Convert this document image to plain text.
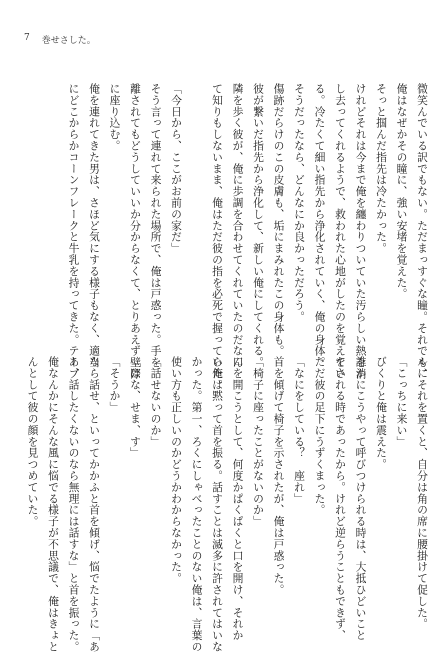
7 巻せさした。
微笑んでいる訳でもない。ただまっすぐな瞳。それでも、
俺はなぜかその瞳に、強い安堵を覚えた。
そっと掴んだ指先は冷たかった。
けれどそれは今まで俺を纏わりついていた汚らしい熱を消
し去ってくれるようで、救われた心地がしたのを覚えてい
る。冷たくて細い指先から浄化されていく、俺の身体。
そうだったなら、どんなにか良かっただろう。
傷跡だらけのこの皮膚も、垢にまみれたこの身体も。
彼が繋いだ指先から浄化して、新しい俺にしてくれる。
隣を歩く彼が、俺に歩調を合わせてくれていたのだなん
て知りもしないまま、俺はただ彼の指を必死で握っていた。

「今日から、ここがお前の家だ」
そう言って連れて来られた場所で、俺は戸惑った。手を
離されてもどうしていいか分からなくて、とりあえず壁際
に座り込む。
俺を連れてきた男は、さほど気にする様子もなく、適当
にどこからかコーンフレークと牛乳を持ってきた。テーブ
ルにそれを置くと、自分は角の席に腰掛けて促した。
「こっちに来い」
びくりと俺は震えた。
誰かにこうやって呼びつけられる時は、大抵ひどいこと
をされる時であったから。けれど逆らうこともできず、
ただ彼の足下にうずくまった。
「なにをしている？　座れ」
首を傾げて椅子を示されたが、俺は戸惑った。
「椅子に座ったことがないのか」
口を開こうとして、何度かぱくぱくと口を開け、それか
ら俺は黙って首を振る。話すことは滅多に許されてはいな
かった。第一、ろくにしゃべったことのない俺は、言葉の
使い方も正しいのかどうかわからなかった。
「話せないのか」
「はな、せま、す」
「そうか」
なら話せ、といってかかふと首を傾げ、悩でたように「あ
あ、話したくないのなら無理には話すな」と首を振った。
俺なんかにそんな風に悩でる様子が不思議で、俺はきょと
んとして彼の顔を見つめていた。
